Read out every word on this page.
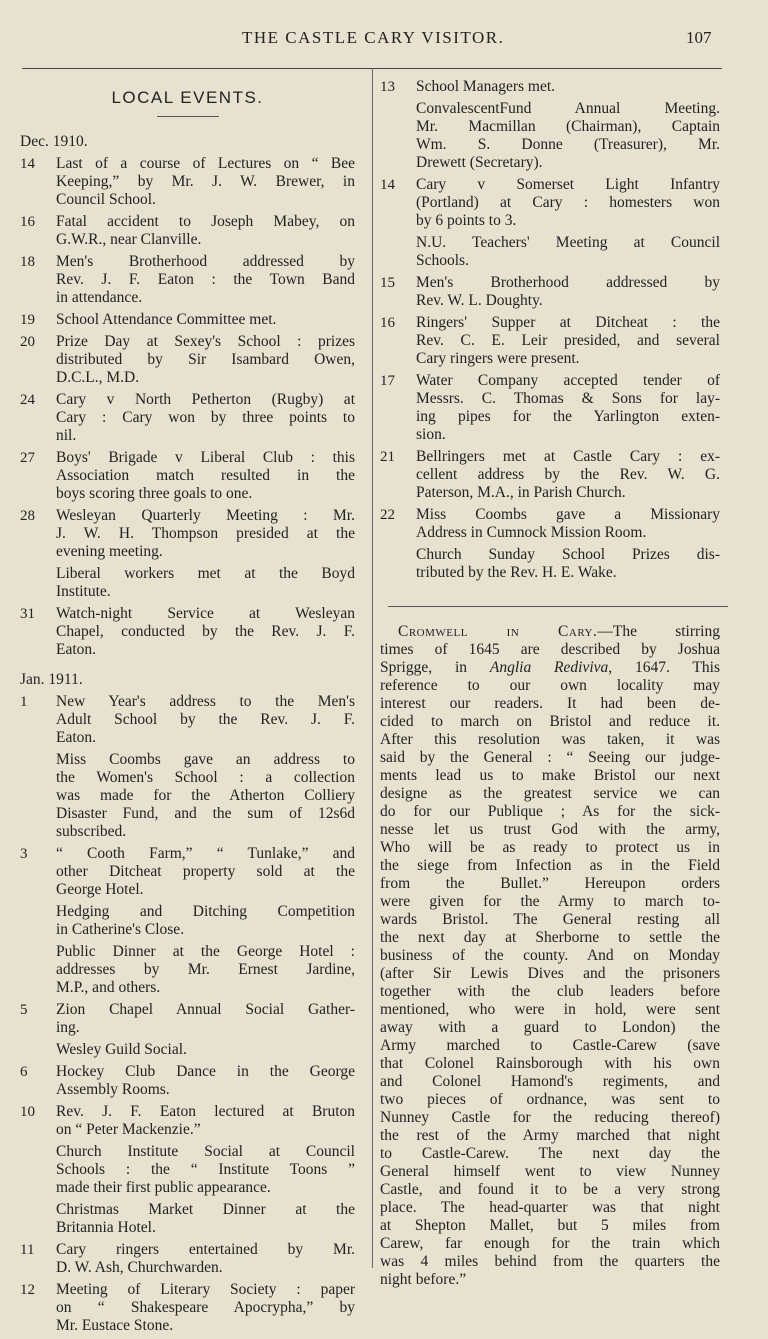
THE CASTLE CARY VISITOR.	107
LOCAL EVENTS.
Dec. 1910.
14	Last of a course of Lectures on “ Bee
Keeping,” by Mr. J. W. Brewer, in
Council School.
16	Fatal accident to Joseph Mabey, on
G.W.R., near Clanville.
18	Men's Brotherhood addressed by
Rev. J. F. Eaton : the Town Band
in attendance.
19	School Attendance Committee met.
20	Prize Day at Sexey's School : prizes
distributed by Sir Isambard Owen,
D.C.L., M.D.
24	Cary v North Petherton (Rugby) at
Cary : Cary won by three points to
nil.
27	Boys' Brigade v Liberal Club : this
Association match resulted in the
boys scoring three goals to one.
28	Wesleyan Quarterly Meeting : Mr.
J. W. H. Thompson presided at the
evening meeting.
Liberal workers met at the Boyd
Institute.
31	Watch-night Service at Wesleyan
Chapel, conducted by the Rev. J. F.
Eaton.
Jan. 1911.
1	New Year's address to the Men's
Adult School by the Rev. J. F.
Eaton.
Miss Coombs gave an address to
the Women's School : a collection
was made for the Atherton Colliery
Disaster Fund, and the sum of 12s6d
subscribed.
3	“ Cooth Farm,” “ Tunlake,” and
other Ditcheat property sold at the
George Hotel.
Hedging and Ditching Competition
in Catherine's Close.
Public Dinner at the George Hotel :
addresses by Mr. Ernest Jardine,
M.P., and others.
5	Zion Chapel Annual Social Gather-
ing.
Wesley Guild Social.
6	Hockey Club Dance in the George
Assembly Rooms.
10	Rev. J. F. Eaton lectured at Bruton
on “ Peter Mackenzie.”
Church Institute Social at Council
Schools : the “ Institute Toons ”
made their first public appearance.
Christmas Market Dinner at the
Britannia Hotel.
11	Cary ringers entertained by Mr.
D. W. Ash, Churchwarden.
12	Meeting of Literary Society : paper
on “ Shakespeare Apocrypha,” by
Mr. Eustace Stone.
13	School Managers met.
ConvalescentFund Annual Meeting.
Mr. Macmillan (Chairman), Captain
Wm. S. Donne (Treasurer), Mr.
Drewett (Secretary).
14	Cary v Somerset Light Infantry
(Portland) at Cary : homesters won
by 6 points to 3.
N.U. Teachers' Meeting at Council
Schools.
15	Men's Brotherhood addressed by
Rev. W. L. Doughty.
16	Ringers' Supper at Ditcheat : the
Rev. C. E. Leir presided, and several
Cary ringers were present.
17	Water Company accepted tender of
Messrs. C. Thomas & Sons for lay-
ing pipes for the Yarlington exten-
sion.
21	Bellringers met at Castle Cary : ex-
cellent address by the Rev. W. G.
Paterson, M.A., in Parish Church.
22	Miss Coombs gave a Missionary
Address in Cumnock Mission Room.
Church Sunday School Prizes dis-
tributed by the Rev. H. E. Wake.
Cromwell in Cary.—The stirring
times of 1645 are described by Joshua
Sprigge, in Anglia Rediviva, 1647. This
reference to our own locality may
interest our readers. It had been de-
cided to march on Bristol and reduce it.
After this resolution was taken, it was
said by the General : “ Seeing our judge-
ments lead us to make Bristol our next
designe as the greatest service we can
do for our Publique ; As for the sick-
nesse let us trust God with the army,
Who will be as ready to protect us in
the siege from Infection as in the Field
from the Bullet.” Hereupon orders
were given for the Army to march to-
wards Bristol. The General resting all
the next day at Sherborne to settle the
business of the county. And on Monday
(after Sir Lewis Dives and the prisoners
together with the club leaders before
mentioned, who were in hold, were sent
away with a guard to London) the
Army marched to Castle-Carew (save
that Colonel Rainsborough with his own
and Colonel Hamond's regiments, and
two pieces of ordnance, was sent to
Nunney Castle for the reducing thereof)
the rest of the Army marched that night
to Castle-Carew. The next day the
General himself went to view Nunney
Castle, and found it to be a very strong
place. The head-quarter was that night
at Shepton Mallet, but 5 miles from
Carew, far enough for the train which
was 4 miles behind from the quarters the
night before.”
